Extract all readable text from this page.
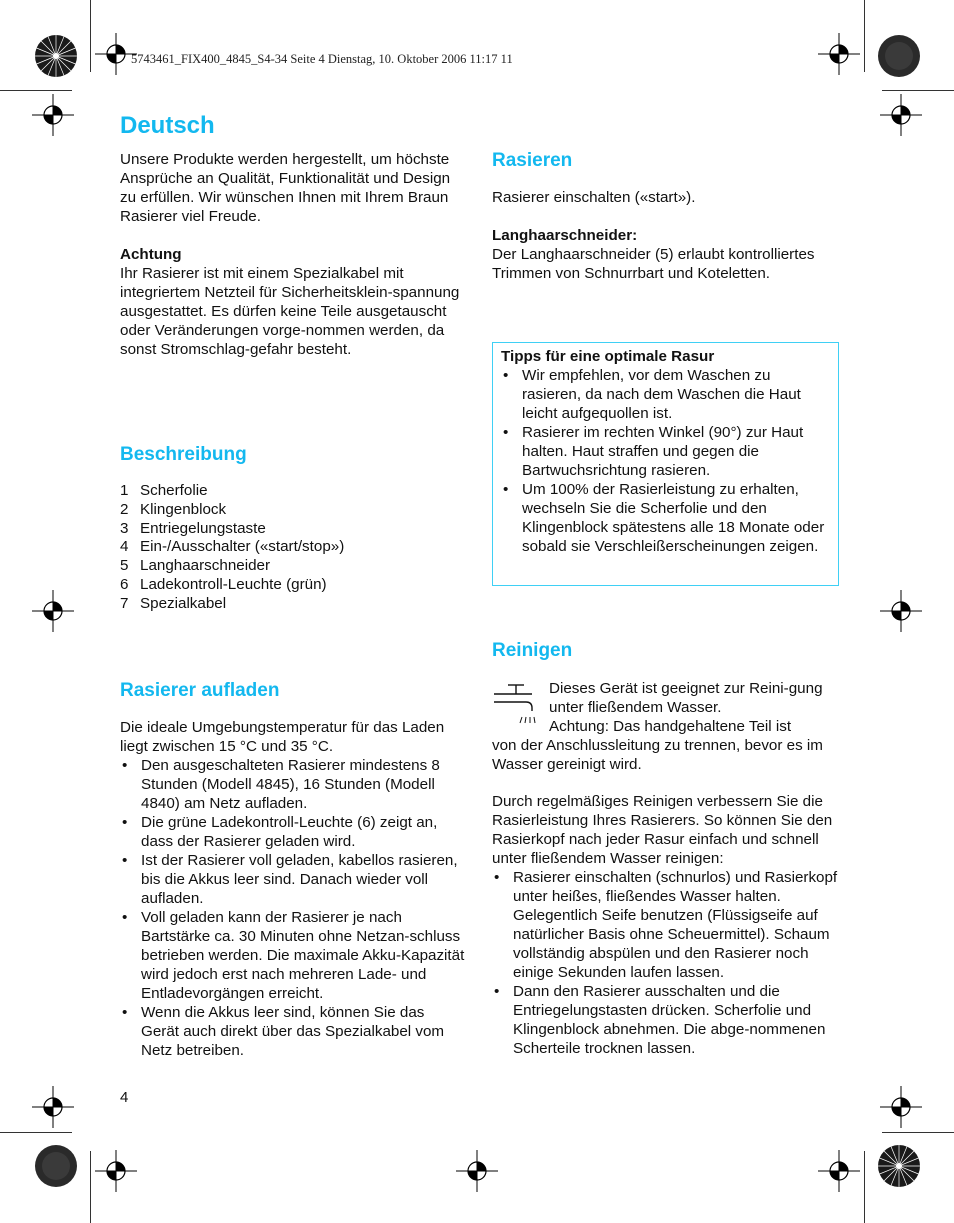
5743461_FIX400_4845_S4-34 Seite 4 Dienstag, 10. Oktober 2006 11:17 11
Deutsch

Unsere Produkte werden hergestellt, um höchste Ansprüche an Qualität, Funktionalität und Design zu erfüllen. Wir wünschen Ihnen mit Ihrem Braun Rasierer viel Freude.

Achtung

Ihr Rasierer ist mit einem Spezialkabel mit integriertem Netzteil für Sicherheitsklein-spannung ausgestattet. Es dürfen keine Teile ausgetauscht oder Veränderungen vorge-nommen werden, da sonst Stromschlag-gefahr besteht.

Beschreibung
1 Scherfolie
2 Klingenblock
3 Entriegelungstaste
4 Ein-/Ausschalter («start/stop»)
5 Langhaarschneider
6 Ladekontroll-Leuchte (grün)
7 Spezialkabel
Rasierer aufladen

Die ideale Umgebungstemperatur für das Laden liegt zwischen 15 °C und 35 °C.

• Den ausgeschalteten Rasierer mindestens 8 Stunden (Modell 4845), 16 Stunden (Modell 4840) am Netz aufladen.
• Die grüne Ladekontroll-Leuchte (6) zeigt an, dass der Rasierer geladen wird.
• Ist der Rasierer voll geladen, kabellos rasieren, bis die Akkus leer sind. Danach wieder voll aufladen.
• Voll geladen kann der Rasierer je nach Bartstärke ca. 30 Minuten ohne Netzan-schluss betrieben werden. Die maximale Akku-Kapazität wird jedoch erst nach mehreren Lade- und Entladevorgängen erreicht.
• Wenn die Akkus leer sind, können Sie das Gerät auch direkt über das Spezialkabel vom Netz betreiben.
4
Rasieren
Rasierer einschalten («start»).

Langhaarschneider:

Der Langhaarschneider (5) erlaubt kontrolliertes Trimmen von Schnurrbart und Koteletten.

Tipps für eine optimale Rasur

• Wir empfehlen, vor dem Waschen zu rasieren, da nach dem Waschen die Haut leicht aufgequollen ist.
• Rasierer im rechten Winkel (90°) zur Haut halten. Haut straffen und gegen die Bartwuchsrichtung rasieren.
• Um 100% der Rasierleistung zu erhalten, wechseln Sie die Scherfolie und den Klingenblock spätestens alle 18 Monate oder sobald sie Verschleißerscheinungen zeigen.
Reinigen

Dieses Gerät ist geeignet zur Reini-gung unter fließendem Wasser.

Achtung: Das handgehaltene Teil ist

von der Anschlussleitung zu trennen, bevor es im Wasser gereinigt wird.

Durch regelmäßiges Reinigen verbessern Sie die Rasierleistung Ihres Rasierers. So können Sie den Rasierkopf nach jeder Rasur einfach und schnell unter fließendem Wasser reinigen:

• Rasierer einschalten (schnurlos) und Rasierkopf unter heißes, fließendes Wasser halten. Gelegentlich Seife benutzen (Flüssigseife auf natürlicher Basis ohne Scheuermittel). Schaum vollständig abspülen und den Rasierer noch einige Sekunden laufen lassen.
• Dann den Rasierer ausschalten und die Entriegelungstasten drücken. Scherfolie und Klingenblock abnehmen. Die abge-nommenen Scherteile trocknen lassen.
